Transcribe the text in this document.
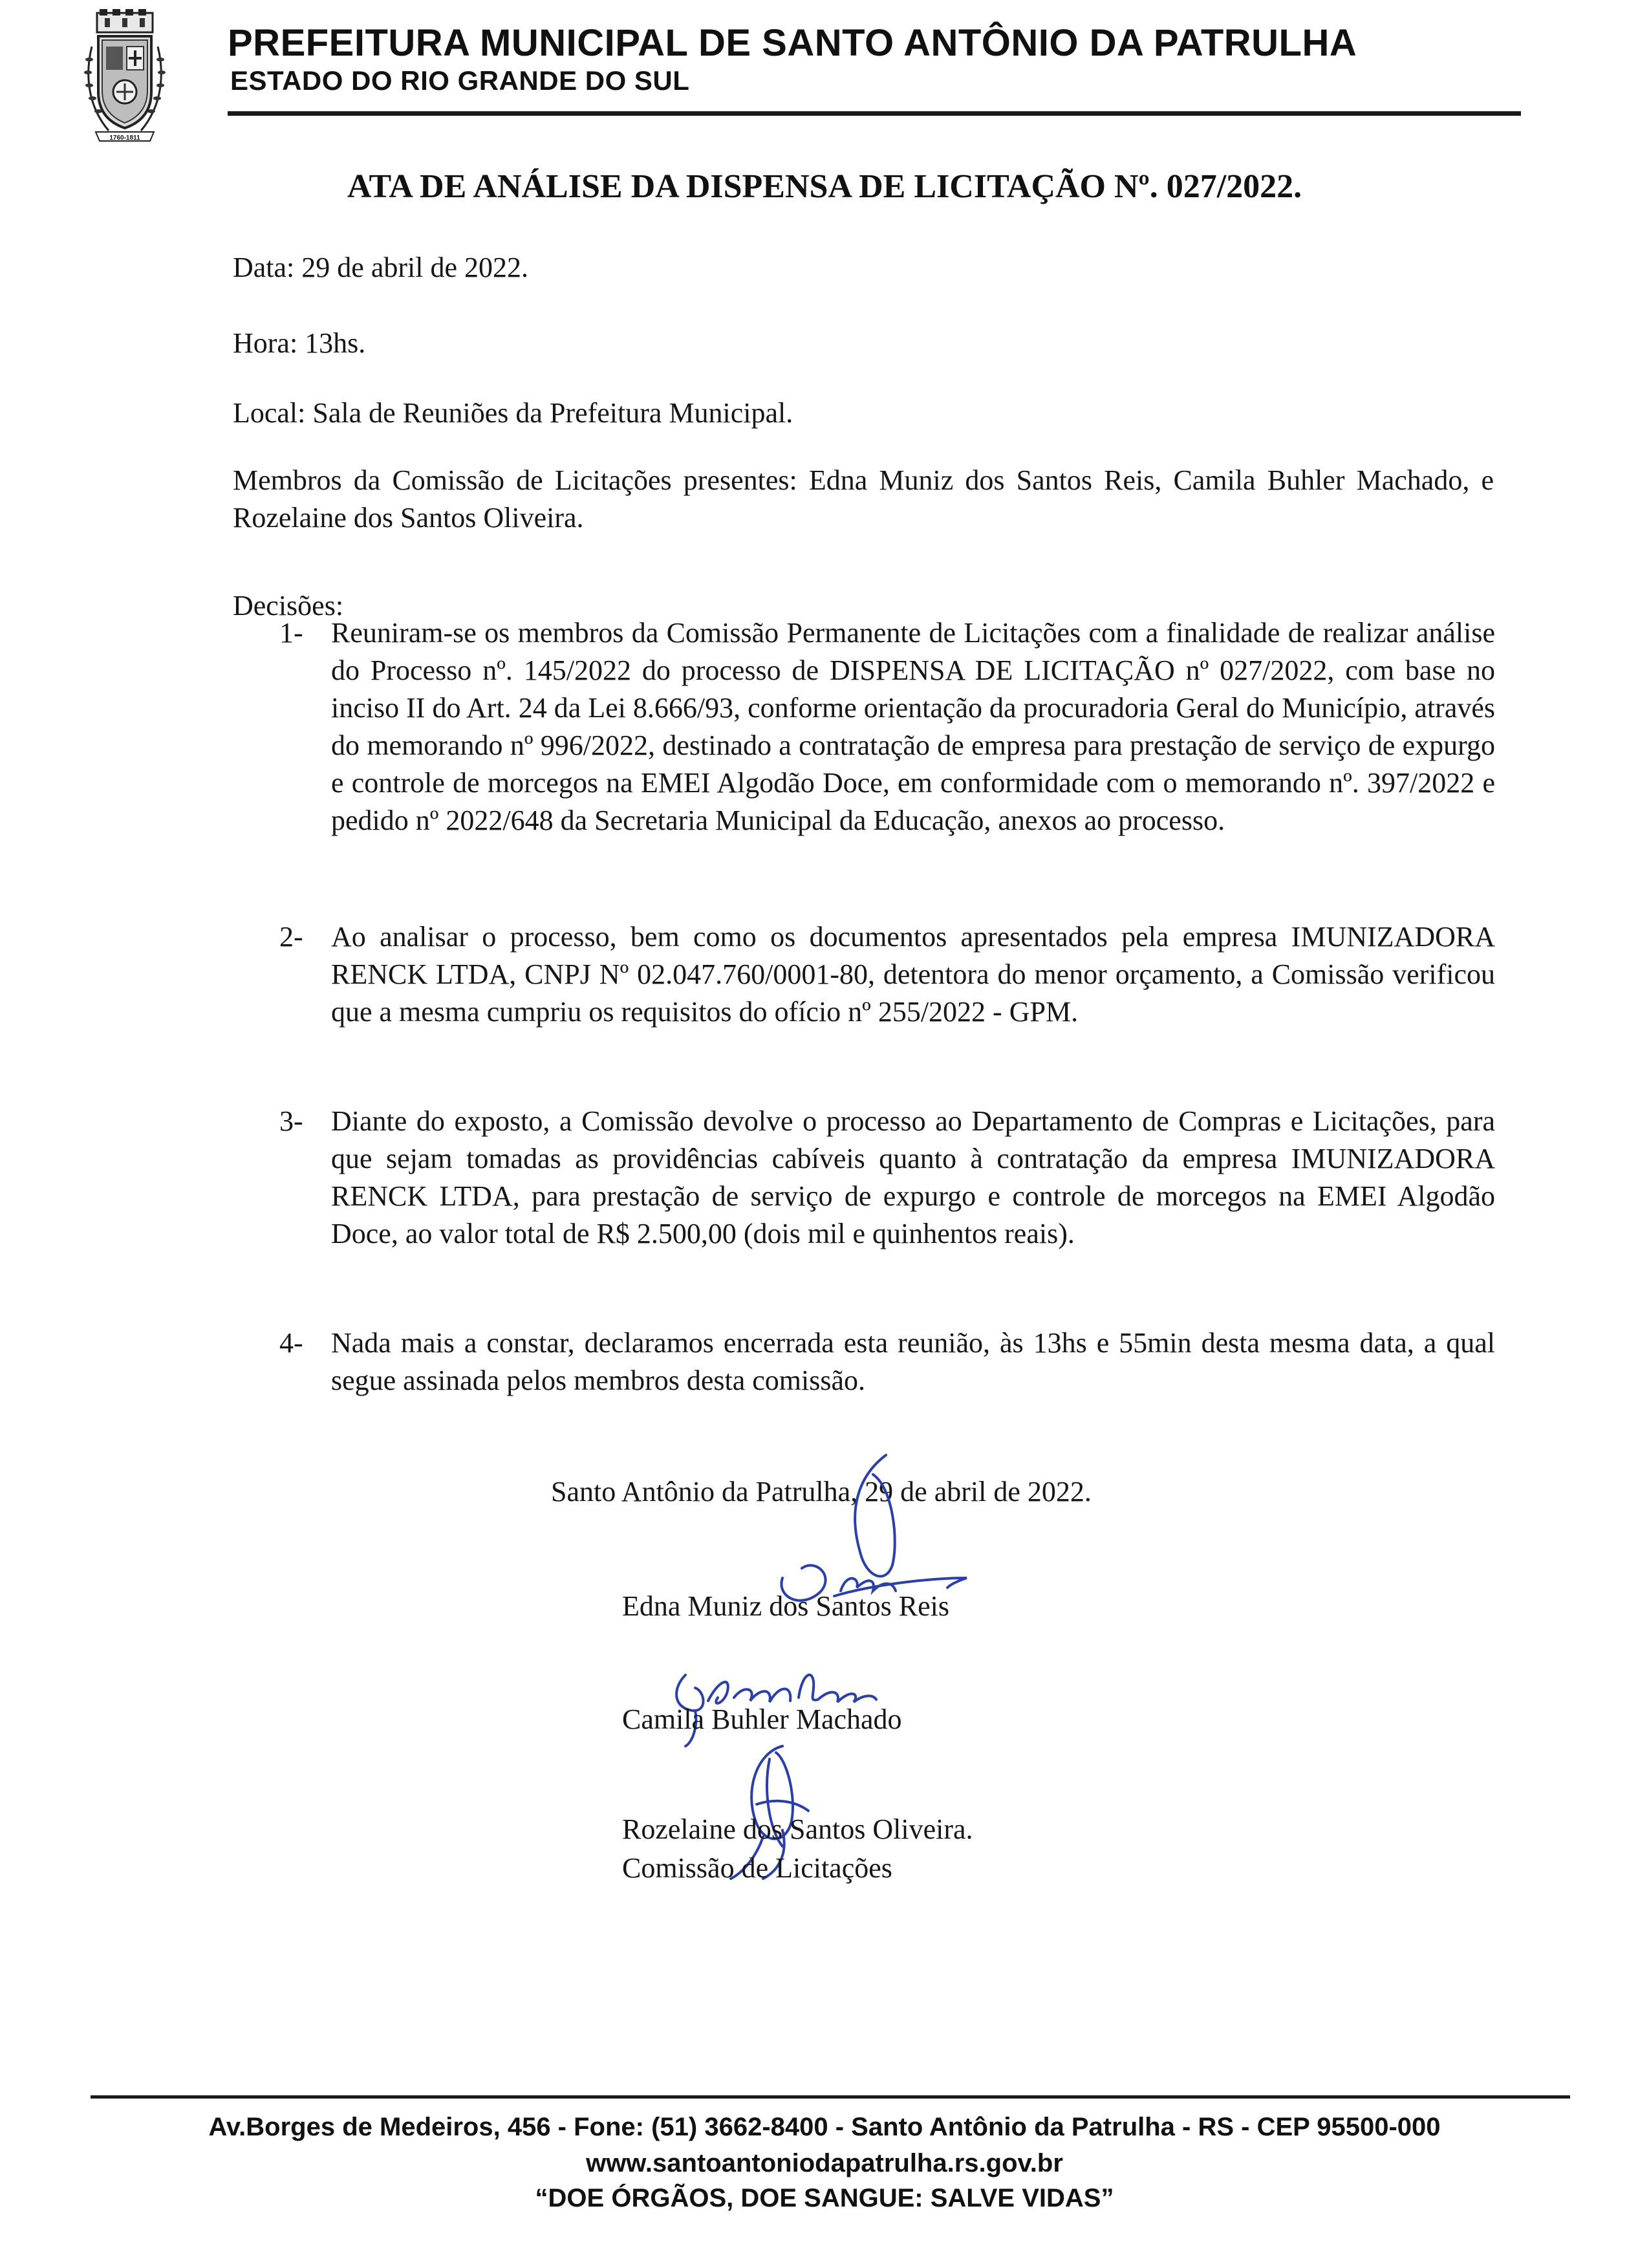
1760-1811
PREFEITURA MUNICIPAL DE SANTO ANTÔNIO DA PATRULHA
ESTADO DO RIO GRANDE DO SUL
ATA DE ANÁLISE DA DISPENSA DE LICITAÇÃO Nº. 027/2022.
Data: 29 de abril de 2022.
Hora: 13hs.
Local: Sala de Reuniões da Prefeitura Municipal.
Membros da Comissão de Licitações presentes: Edna Muniz dos Santos Reis, Camila Buhler Machado, e Rozelaine dos Santos Oliveira.
Decisões:
1- Reuniram-se os membros da Comissão Permanente de Licitações com a finalidade de realizar análise do Processo nº. 145/2022 do processo de DISPENSA DE LICITAÇÃO nº 027/2022, com base no inciso II do Art. 24 da Lei 8.666/93, conforme orientação da procuradoria Geral do Município, através do memorando nº 996/2022, destinado a contratação de empresa para prestação de serviço de expurgo e controle de morcegos na EMEI Algodão Doce, em conformidade com o memorando nº. 397/2022 e pedido nº 2022/648 da Secretaria Municipal da Educação, anexos ao processo.
2- Ao analisar o processo, bem como os documentos apresentados pela empresa IMUNIZADORA RENCK LTDA, CNPJ Nº 02.047.760/0001-80, detentora do menor orçamento, a Comissão verificou que a mesma cumpriu os requisitos do ofício nº 255/2022 - GPM.
3- Diante do exposto, a Comissão devolve o processo ao Departamento de Compras e Licitações, para que sejam tomadas as providências cabíveis quanto à contratação da empresa IMUNIZADORA RENCK LTDA, para prestação de serviço de expurgo e controle de morcegos na EMEI Algodão Doce, ao valor total de R$ 2.500,00 (dois mil e quinhentos reais).
4- Nada mais a constar, declaramos encerrada esta reunião, às 13hs e 55min desta mesma data, a qual segue assinada pelos membros desta comissão.
Santo Antônio da Patrulha, 29 de abril de 2022.
Edna Muniz dos Santos Reis
Camila Buhler Machado
Rozelaine dos Santos Oliveira.
Comissão de Licitações
Av.Borges de Medeiros, 456 - Fone: (51) 3662-8400 - Santo Antônio da Patrulha - RS - CEP 95500-000
www.santoantoniodapatrulha.rs.gov.br
“DOE ÓRGÃOS, DOE SANGUE: SALVE VIDAS”
